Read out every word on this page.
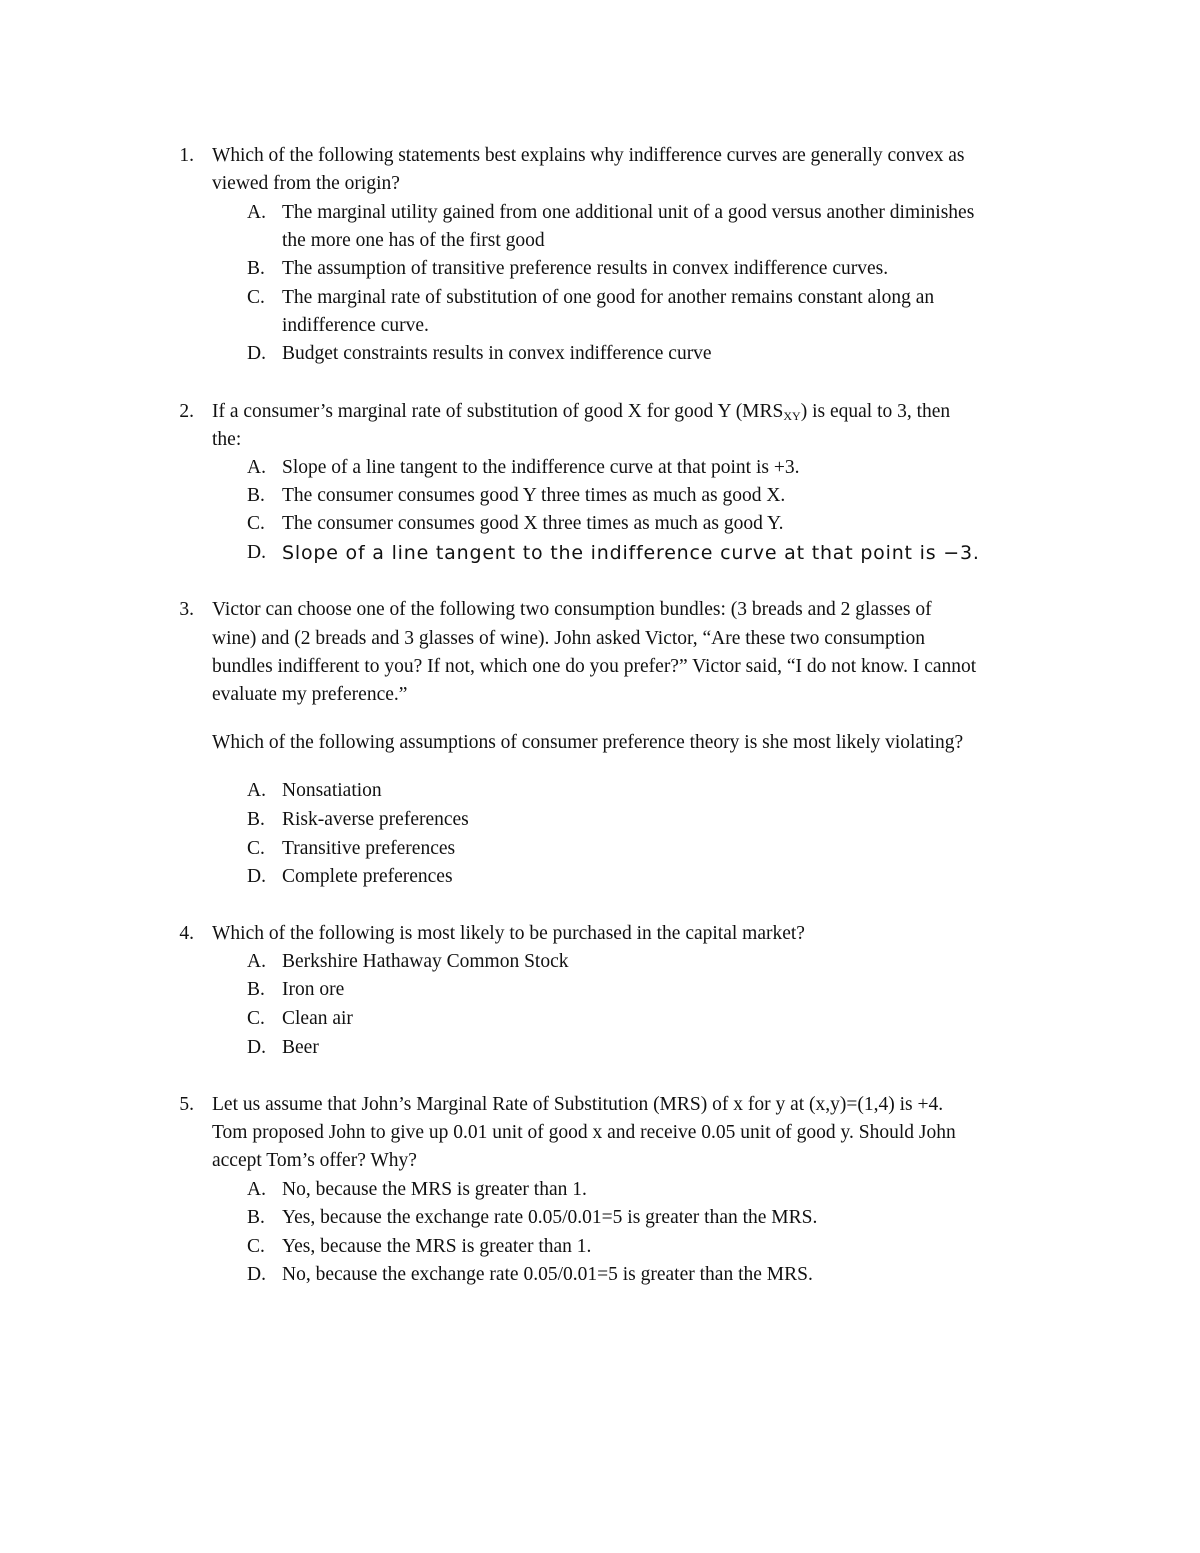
1. Which of the following statements best explains why indifference curves are generally convex as
viewed from the origin?
A. The marginal utility gained from one additional unit of a good versus another diminishes
the more one has of the first good
B. The assumption of transitive preference results in convex indifference curves.
C. The marginal rate of substitution of one good for another remains constant along an
indifference curve.
D. Budget constraints results in convex indifference curve
2. If a consumer’s marginal rate of substitution of good X for good Y $(MRS_{XY})$ is equal to 3, then
the:
A. Slope of a line tangent to the indifference curve at that point is +3.
B. The consumer consumes good Y three times as much as good X.
C. The consumer consumes good X three times as much as good Y.
D. Slope of a line tangent to the indifference curve at that point is −3.
3. Victor can choose one of the following two consumption bundles: (3 breads and 2 glasses of
wine) and (2 breads and 3 glasses of wine). John asked Victor, “Are these two consumption
bundles indifferent to you? If not, which one do you prefer?” Victor said, “I do not know. I cannot
evaluate my preference.”
Which of the following assumptions of consumer preference theory is she most likely violating?
A. Nonsatiation
B. Risk-averse preferences
C. Transitive preferences
D. Complete preferences
4. Which of the following is most likely to be purchased in the capital market?
A. Berkshire Hathaway Common Stock
B. Iron ore
C. Clean air
D. Beer
5. Let us assume that John’s Marginal Rate of Substitution (MRS) of x for y at (x,y)=(1,4) is +4.
Tom proposed John to give up 0.01 unit of good x and receive 0.05 unit of good y. Should John
accept Tom’s offer? Why?
A. No, because the MRS is greater than 1.
B. Yes, because the exchange rate 0.05/0.01=5 is greater than the MRS.
C. Yes, because the MRS is greater than 1.
D. No, because the exchange rate 0.05/0.01=5 is greater than the MRS.
